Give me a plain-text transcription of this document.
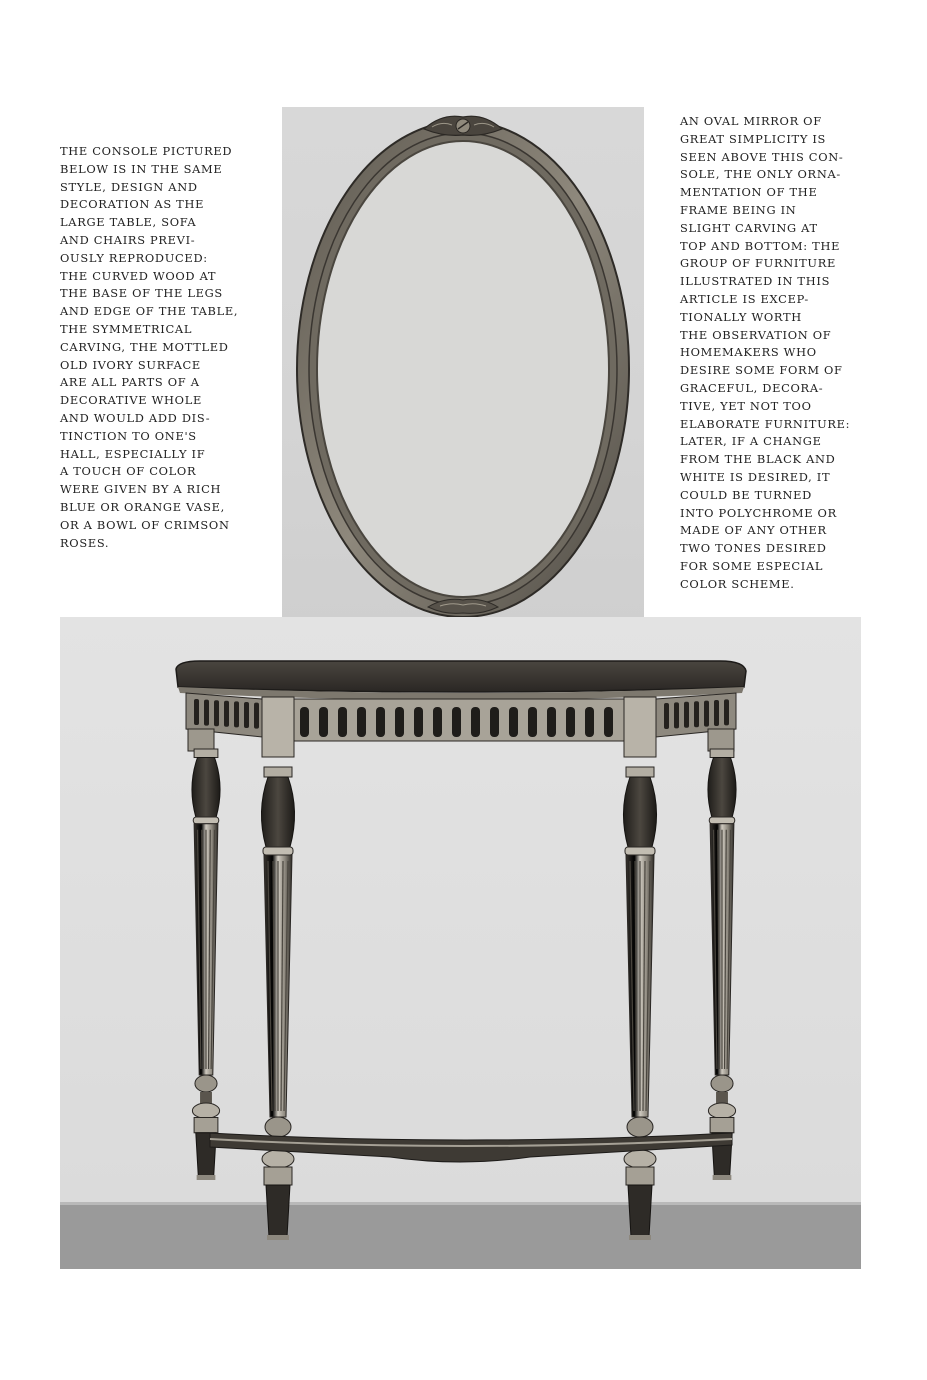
THE CONSOLE PICTURED
BELOW IS IN THE SAME
STYLE, DESIGN AND
DECORATION AS THE
LARGE TABLE, SOFA
AND CHAIRS PREVI-
OUSLY REPRODUCED:
THE CURVED WOOD AT
THE BASE OF THE LEGS
AND EDGE OF THE TABLE,
THE SYMMETRICAL
CARVING, THE MOTTLED
OLD IVORY SURFACE
ARE ALL PARTS OF A
DECORATIVE WHOLE
AND WOULD ADD DIS-
TINCTION TO ONE'S
HALL, ESPECIALLY IF
A TOUCH OF COLOR
WERE GIVEN BY A RICH
BLUE OR ORANGE VASE,
OR A BOWL OF CRIMSON
ROSES.

AN OVAL MIRROR OF
GREAT SIMPLICITY IS
SEEN ABOVE THIS CON-
SOLE, THE ONLY ORNA-
MENTATION OF THE
FRAME BEING IN
SLIGHT CARVING AT
TOP AND BOTTOM: THE
GROUP OF FURNITURE
ILLUSTRATED IN THIS
ARTICLE IS EXCEP-
TIONALLY WORTH
THE OBSERVATION OF
HOMEMAKERS WHO
DESIRE SOME FORM OF
GRACEFUL, DECORA-
TIVE, YET NOT TOO
ELABORATE FURNITURE:
LATER, IF A CHANGE
FROM THE BLACK AND
WHITE IS DESIRED, IT
COULD BE TURNED
INTO POLYCHROME OR
MADE OF ANY OTHER
TWO TONES DESIRED
FOR SOME ESPECIAL
COLOR SCHEME.
